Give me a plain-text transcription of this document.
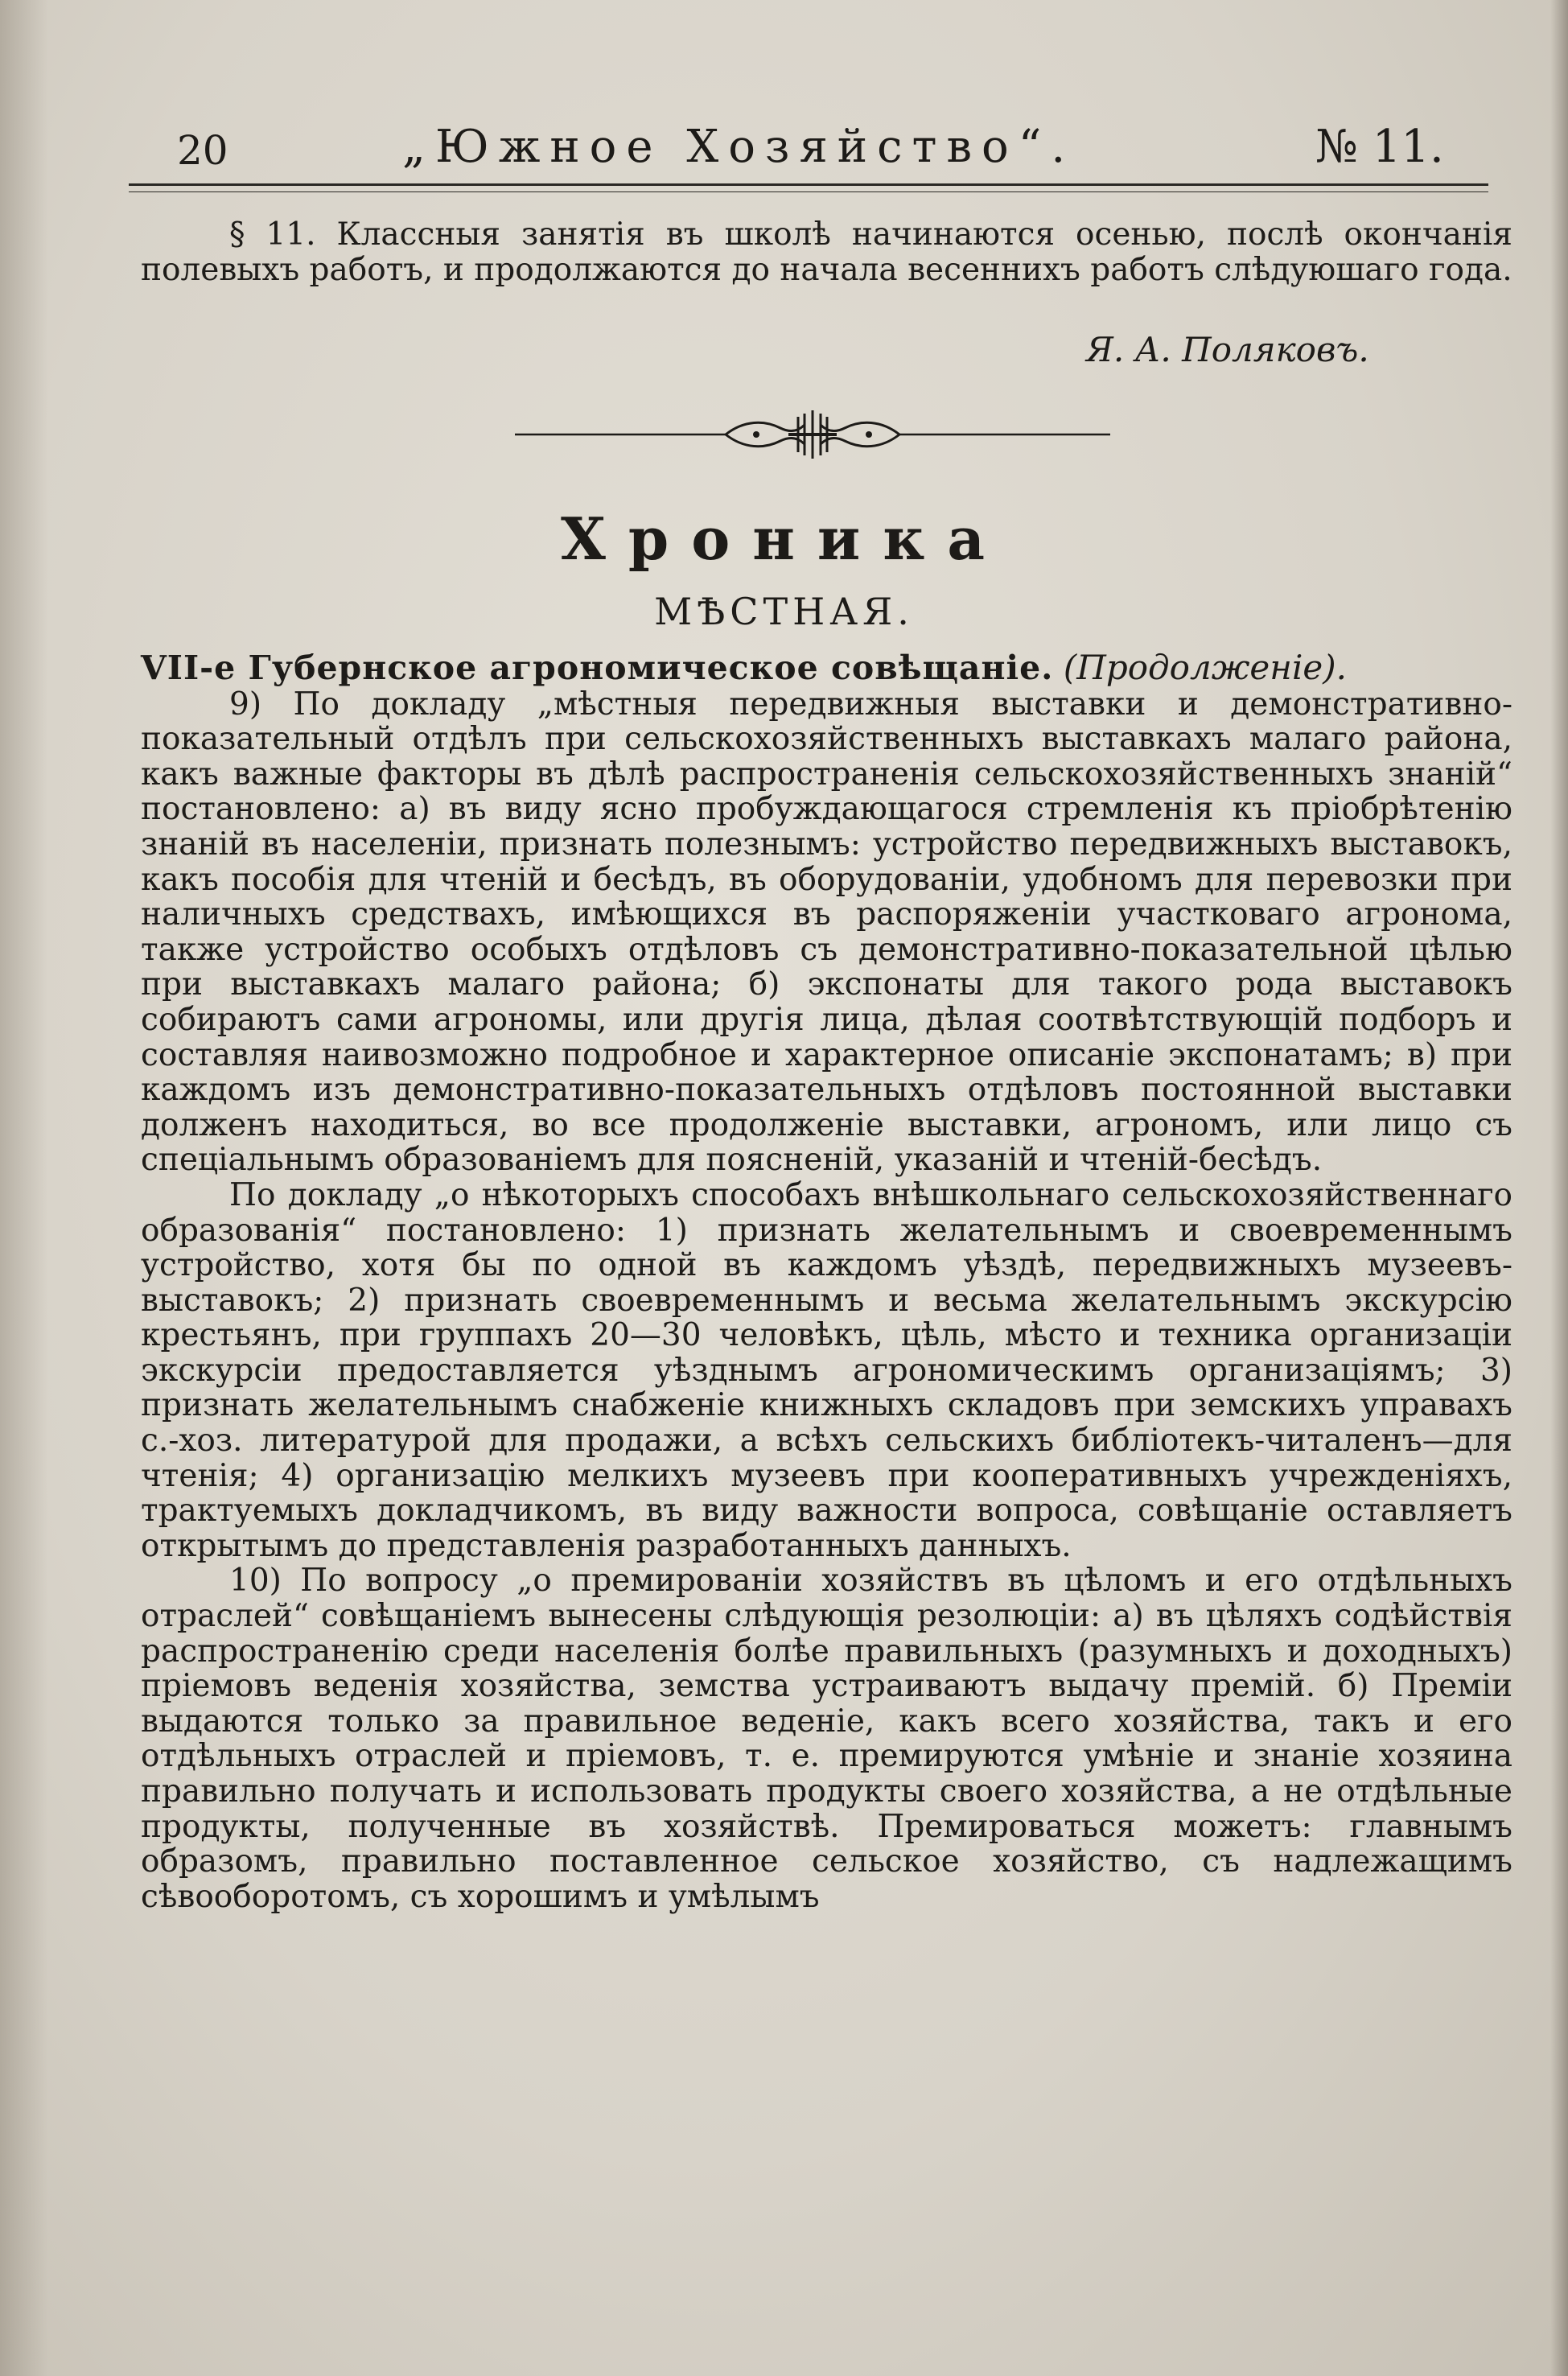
20	„Южное Хозяйство“.	№ 11.

§ 11. Классныя занятія въ школѣ начинаются осенью, послѣ окончанія полевыхъ работъ, и продолжаются до начала весеннихъ работъ слѣдуюшаго года.

Я. А. Поляковъ.
Хроника
МѢСТНАЯ.

VII-е Губернское агрономическое совѣщаніе. (Продолженіе).

9) По докладу „мѣстныя передвижныя выставки и демонстративно-показательный отдѣлъ при сельскохозяйственныхъ выставкахъ малаго района, какъ важные факторы въ дѣлѣ распространенія сельскохозяйственныхъ знаній“ постановлено: а) въ виду ясно пробуждающагося стремленія къ пріобрѣтенію знаній въ населеніи, признать полезнымъ: устройство передвижныхъ выставокъ, какъ пособія для чтеній и бесѣдъ, въ оборудованіи, удобномъ для перевозки при наличныхъ средствахъ, имѣющихся въ распоряженіи участковаго агронома, также устройство особыхъ отдѣловъ съ демонстративно-показательной цѣлью при выставкахъ малаго района; б) экспонаты для такого рода выставокъ собираютъ сами агрономы, или другія лица, дѣлая соотвѣтствующій подборъ и составляя наивозможно подробное и характерное описаніе экспонатамъ; в) при каждомъ изъ демонстративно-показательныхъ отдѣловъ постоянной выставки долженъ находиться, во все продолженіе выставки, агрономъ, или лицо съ спеціальнымъ образованіемъ для поясненій, указаній и чтеній-бесѣдъ.

По докладу „о нѣкоторыхъ способахъ внѣшкольнаго сельскохозяйственнаго образованія“ постановлено: 1) признать желательнымъ и своевременнымъ устройство, хотя бы по одной въ каждомъ уѣздѣ, передвижныхъ музеевъ-выставокъ; 2) признать своевременнымъ и весьма желательнымъ экскурсію крестьянъ, при группахъ 20—30 человѣкъ, цѣль, мѣсто и техника организаціи экскурсіи предоставляется уѣзднымъ агрономическимъ организаціямъ; 3) признать желательнымъ снабженіе книжныхъ складовъ при земскихъ управахъ с.-хоз. литературой для продажи, а всѣхъ сельскихъ библіотекъ-читаленъ—для чтенія; 4) организацію мелкихъ музеевъ при кооперативныхъ учрежденіяхъ, трактуемыхъ докладчикомъ, въ виду важности вопроса, совѣщаніе оставляетъ открытымъ до представленія разработанныхъ данныхъ.

10) По вопросу „о премированіи хозяйствъ въ цѣломъ и его отдѣльныхъ отраслей“ совѣщаніемъ вынесены слѣдующія резолюціи: а) въ цѣляхъ содѣйствія распространенію среди населенія болѣе правильныхъ (разумныхъ и доходныхъ) пріемовъ веденія хозяйства, земства устраиваютъ выдачу премій. б) Преміи выдаются только за правильное веденіе, какъ всего хозяйства, такъ и его отдѣльныхъ отраслей и пріемовъ, т. е. премируются умѣніе и знаніе хозяина правильно получать и использовать продукты своего хозяйства, а не отдѣльные продукты, полученные въ хозяйствѣ. Премироваться можетъ: главнымъ образомъ, правильно поставленное сельское хозяйство, съ надлежащимъ сѣвооборотомъ, съ хорошимъ и умѣлымъ
